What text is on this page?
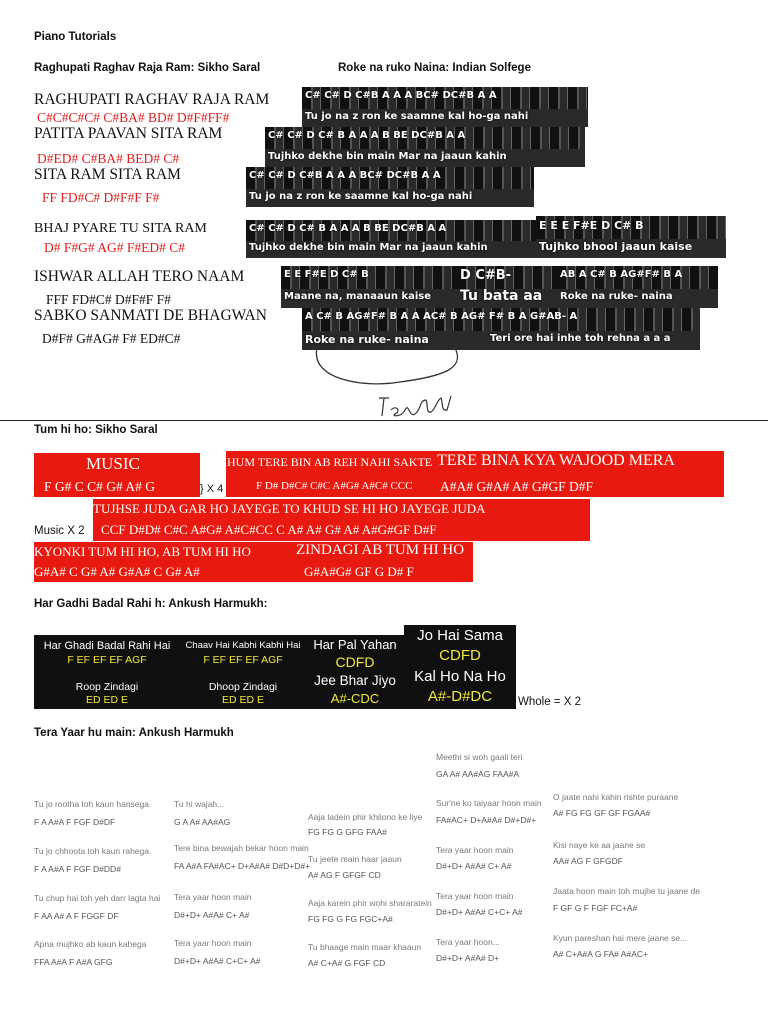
Piano Tutorials
Raghupati Raghav Raja Ram: Sikho Saral	Roke na ruko Naina: Indian Solfege
RAGHUPATI RAGHAV RAJA RAM
C#C#C#C# C#BA# BD# D#F#FF#
PATITA PAAVAN SITA RAM
D#ED# C#BA# BED# C#
SITA RAM SITA RAM
FF FD#C# D#F#F F#
BHAJ PYARE TU SITA RAM
D# F#G# AG# F#ED# C#
ISHWAR ALLAH TERO NAAM
FFF FD#C# D#F#F F#
SABKO SANMATI DE BHAGWAN
D#F# G#AG# F# ED#C#
C# C# D C#B A A A BC# DC#B A A
Tu jo na z ron ke saamne kal ho-ga nahi
C# C# D C# B A A A B BE DC#B A A
Tujhko dekhe bin main Mar na jaaun kahin
C# C# D C#B A A A BC# DC#B A A
Tu jo na z ron ke saamne kal ho-ga nahi
C# C# D C# B A A A B BE DC#B A A
Tujhko dekhe bin main Mar na jaaun kahin
E E E F#E D C# B
Tujhko bhool jaaun kaise
E E F#E D C# B
Maane na, manaaun kaise
D C#B-
Tu bata aa
AB A C# B AG#F# B A
Roke na ruke- naina
A C# B AG#F# B A A AC# B AG# F# B A G#AB- A
Roke na ruke- naina	Teri ore hai inhe toh rehna a a a
Tum hi ho: Sikho Saral
MUSIC
F G# C C# G# A# G	} X 4
Music X 2
HUM TERE BIN AB REH NAHI SAKTE
F D# D#C# C#C A#G# A#C# CCC
TERE BINA KYA WAJOOD MERA
A#A# G#A# A# G#GF D#F
TUJHSE JUDA GAR HO JAYEGE TO KHUD SE HI HO JAYEGE JUDA
CCF D#D# C#C A#G# A#C#CC C A# A# G# A# A#G#GF D#F
KYONKI TUM HI HO, AB TUM HI HO
G#A# C G# A# G#A# C G# A#
ZINDAGI AB TUM HI HO
G#A#G# GF G D# F
Har Gadhi Badal Rahi h: Ankush Harmukh:
Har Ghadi Badal Rahi Hai
F EF EF EF AGF
Roop Zindagi
ED ED E
Chaav Hai Kabhi Kabhi Hai
F EF EF EF AGF
Dhoop Zindagi
ED ED E
Har Pal Yahan
CDFD
Jee Bhar Jiyo
A#-CDC
Jo Hai Sama
CDFD
Kal Ho Na Ho
A#-D#DC	Whole = X 2
Tera Yaar hu main: Ankush Harmukh
Tu jo rootha toh kaun hansega
F A A#A F FGF D#DF
Tu jo chhoota toh kaun rahega
F A A#A F FGF D#DD#
Tu chup hai toh yeh darr lagta hai
F AA A# A F FGGF DF
Apna mujhko ab kaun kahega
FFA A#A F A#A GFG
Tu hi wajah...
G A A# AA#AG
Tere bina bewajah bekar hoon main
FA A#A FA#AC+ D+A#A# D#D+D#+
Tera yaar hoon main
D#+D+ A#A# C+ A#
Tera yaar hoon main
D#+D+ A#A# C+C+ A#
Aaja ladein phir khilono ke liye
FG FG G GFG FAA#
Tu jeete main haar jaaun
A# AG F GFGF CD
Aaja karein phir wohi shararatein
FG FG G FG FGC+A#
Tu bhaage main maar khaaun
A# C+A# G FGF CD
Meethi si woh gaali teri
GA A# AA#AG FAA#A
Sur'ne ko taiyaar hoon main
FA#AC+ D+A#A# D#+D#+
Tera yaar hoon main
D#+D+ A#A# C+ A#
Tera yaar hoon main
D#+D+ A#A# C+C+ A#
Tera yaar hoon...
D#+D+ A#A# D+
O jaate nahi kahin rishte puraane
A# FG FG GF GF FGAA#
Kisi naye ke aa jaane se
AA# AG F GFGDF
Jaata hoon main toh mujhe tu jaane de
F GF G F FGF FC+A#
Kyun pareshan hai mere jaane se...
A# C+A#A G FA# A#AC+
